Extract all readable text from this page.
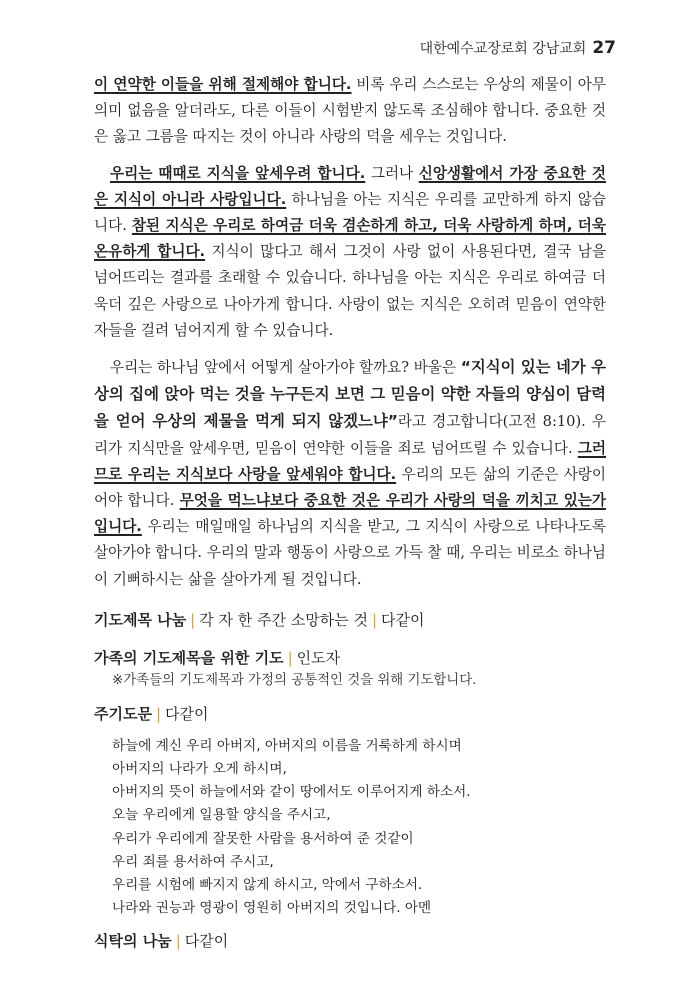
대한예수교장로회 강남교회 27

이 연약한 이들을 위해 절제해야 합니다. 비록 우리 스스로는 우상의 제물이 아무 의미 없음을 알더라도, 다른 이들이 시험받지 않도록 조심해야 합니다. 중요한 것은 옳고 그름을 따지는 것이 아니라 사랑의 덕을 세우는 것입니다.

우리는 때때로 지식을 앞세우려 합니다. 그러나 신앙생활에서 가장 중요한 것은 지식이 아니라 사랑입니다. 하나님을 아는 지식은 우리를 교만하게 하지 않습니다. 참된 지식은 우리로 하여금 더욱 겸손하게 하고, 더욱 사랑하게 하며, 더욱 온유하게 합니다. 지식이 많다고 해서 그것이 사랑 없이 사용된다면, 결국 남을 넘어뜨리는 결과를 초래할 수 있습니다. 하나님을 아는 지식은 우리로 하여금 더욱더 깊은 사랑으로 나아가게 합니다. 사랑이 없는 지식은 오히려 믿음이 연약한 자들을 걸려 넘어지게 할 수 있습니다.

우리는 하나님 앞에서 어떻게 살아가야 할까요? 바울은 “지식이 있는 네가 우상의 집에 앉아 먹는 것을 누구든지 보면 그 믿음이 약한 자들의 양심이 담력을 얻어 우상의 제물을 먹게 되지 않겠느냐”라고 경고합니다(고전 8:10). 우리가 지식만을 앞세우면, 믿음이 연약한 이들을 죄로 넘어뜨릴 수 있습니다. 그러므로 우리는 지식보다 사랑을 앞세워야 합니다. 우리의 모든 삶의 기준은 사랑이어야 합니다. 무엇을 먹느냐보다 중요한 것은 우리가 사랑의 덕을 끼치고 있는가입니다. 우리는 매일매일 하나님의 지식을 받고, 그 지식이 사랑으로 나타나도록 살아가야 합니다. 우리의 말과 행동이 사랑으로 가득 찰 때, 우리는 비로소 하나님이 기뻐하시는 삶을 살아가게 될 것입니다.

기도제목 나눔 | 각 자 한 주간 소망하는 것 | 다같이

가족의 기도제목을 위한 기도 | 인도자

※가족들의 기도제목과 가정의 공통적인 것을 위해 기도합니다.

주기도문 | 다같이

하늘에 계신 우리 아버지, 아버지의 이름을 거룩하게 하시며
아버지의 나라가 오게 하시며,
아버지의 뜻이 하늘에서와 같이 땅에서도 이루어지게 하소서.
오늘 우리에게 일용할 양식을 주시고,
우리가 우리에게 잘못한 사람을 용서하여 준 것같이
우리 죄를 용서하여 주시고,
우리를 시험에 빠지지 않게 하시고, 악에서 구하소서.
나라와 권능과 영광이 영원히 아버지의 것입니다. 아멘

식탁의 나눔 | 다같이
